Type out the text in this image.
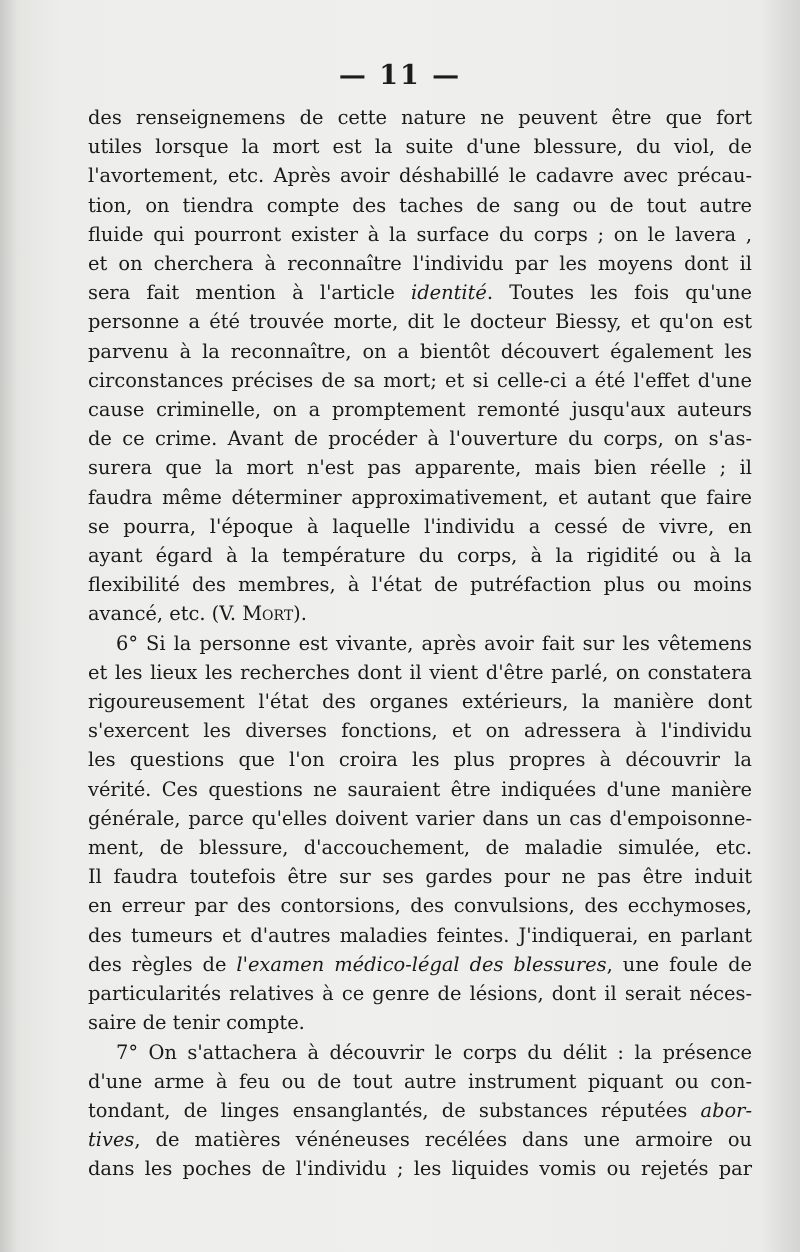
— 11 —
des renseignemens de cette nature ne peuvent être que fort
utiles lorsque la mort est la suite d'une blessure, du viol, de
l'avortement, etc. Après avoir déshabillé le cadavre avec précau-
tion, on tiendra compte des taches de sang ou de tout autre
fluide qui pourront exister à la surface du corps ; on le lavera ,
et on cherchera à reconnaître l'individu par les moyens dont il
sera fait mention à l'article identité. Toutes les fois qu'une
personne a été trouvée morte, dit le docteur Biessy, et qu'on est
parvenu à la reconnaître, on a bientôt découvert également les
circonstances précises de sa mort; et si celle-ci a été l'effet d'une
cause criminelle, on a promptement remonté jusqu'aux auteurs
de ce crime. Avant de procéder à l'ouverture du corps, on s'as-
surera que la mort n'est pas apparente, mais bien réelle ; il
faudra même déterminer approximativement, et autant que faire
se pourra, l'époque à laquelle l'individu a cessé de vivre, en
ayant égard à la température du corps, à la rigidité ou à la
flexibilité des membres, à l'état de putréfaction plus ou moins
avancé, etc. (V. Mort).
6° Si la personne est vivante, après avoir fait sur les vêtemens
et les lieux les recherches dont il vient d'être parlé, on constatera
rigoureusement l'état des organes extérieurs, la manière dont
s'exercent les diverses fonctions, et on adressera à l'individu
les questions que l'on croira les plus propres à découvrir la
vérité. Ces questions ne sauraient être indiquées d'une manière
générale, parce qu'elles doivent varier dans un cas d'empoisonne-
ment, de blessure, d'accouchement, de maladie simulée, etc.
Il faudra toutefois être sur ses gardes pour ne pas être induit
en erreur par des contorsions, des convulsions, des ecchymoses,
des tumeurs et d'autres maladies feintes. J'indiquerai, en parlant
des règles de l'examen médico-légal des blessures, une foule de
particularités relatives à ce genre de lésions, dont il serait néces-
saire de tenir compte.
7° On s'attachera à découvrir le corps du délit : la présence
d'une arme à feu ou de tout autre instrument piquant ou con-
tondant, de linges ensanglantés, de substances réputées abor-
tives, de matières vénéneuses recélées dans une armoire ou
dans les poches de l'individu ; les liquides vomis ou rejetés par
